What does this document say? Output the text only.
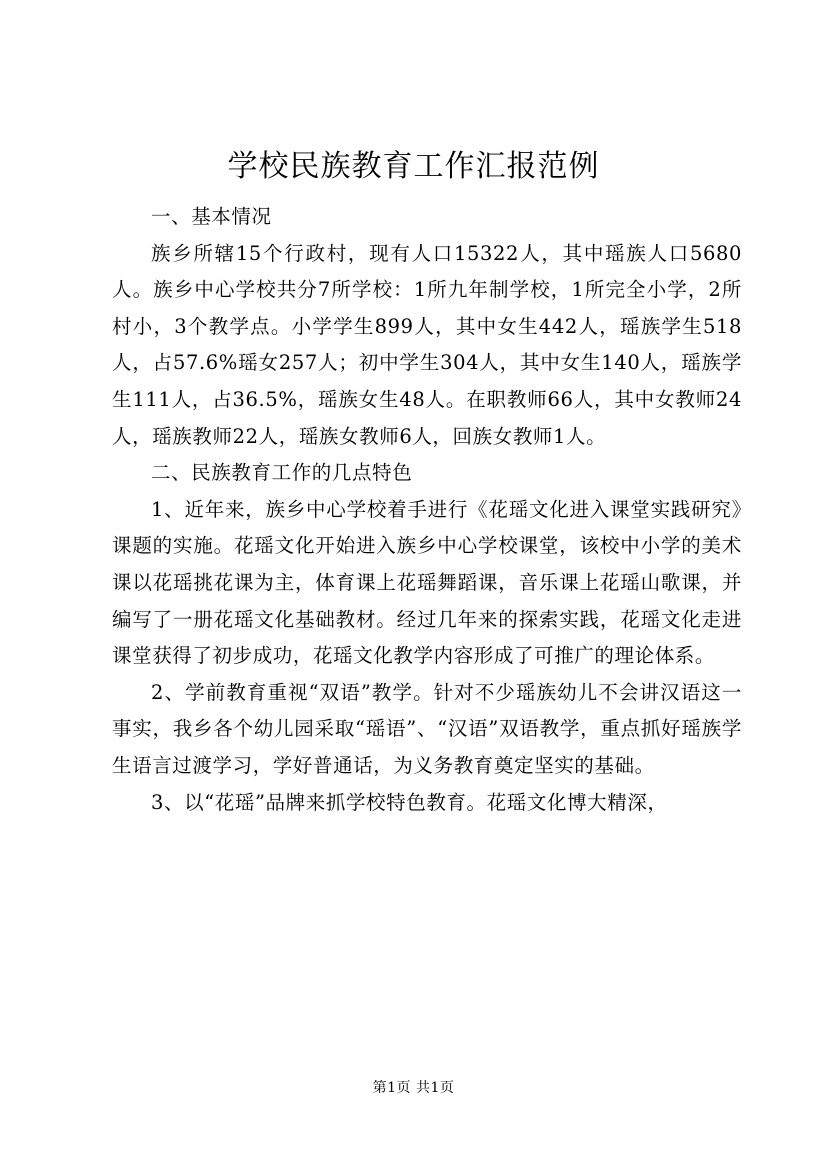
学校民族教育工作汇报范例

一、基本情况

族乡所辖15个行政村，现有人口15322人，其中瑶族人口5680人。族乡中心学校共分7所学校：1所九年制学校，1所完全小学，2所村小，3个教学点。小学学生899人，其中女生442人，瑶族学生518人，占57.6%瑶女257人；初中学生304人，其中女生140人，瑶族学生111人，占36.5%，瑶族女生48人。在职教师66人，其中女教师24人，瑶族教师22人，瑶族女教师6人，回族女教师1人。

二、民族教育工作的几点特色

1、近年来，族乡中心学校着手进行《花瑶文化进入课堂实践研究》课题的实施。花瑶文化开始进入族乡中心学校课堂，该校中小学的美术课以花瑶挑花课为主，体育课上花瑶舞蹈课，音乐课上花瑶山歌课，并编写了一册花瑶文化基础教材。经过几年来的探索实践，花瑶文化走进课堂获得了初步成功，花瑶文化教学内容形成了可推广的理论体系。

2、学前教育重视“双语”教学。针对不少瑶族幼儿不会讲汉语这一事实，我乡各个幼儿园采取“瑶语”、“汉语”双语教学，重点抓好瑶族学生语言过渡学习，学好普通话，为义务教育奠定坚实的基础。

3、以“花瑶”品牌来抓学校特色教育。花瑶文化博大精深，

第1页 共1页
